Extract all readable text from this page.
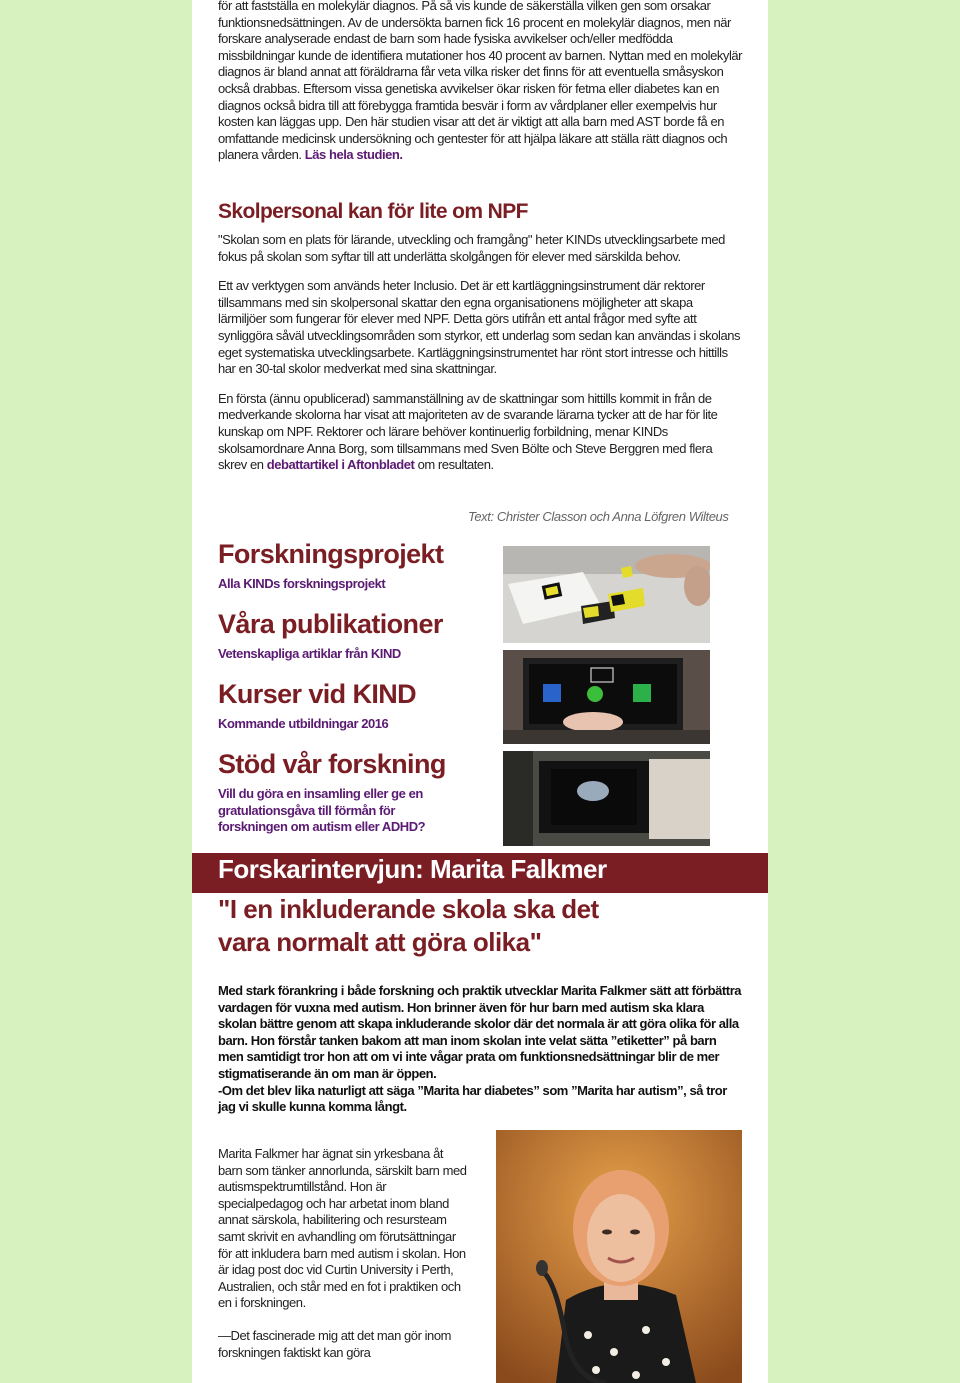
för att fastställa en molekylär diagnos. På så vis kunde de säkerställa vilken gen som orsakar funktionsnedsättningen. Av de undersökta barnen fick 16 procent en molekylär diagnos, men när forskare analyserade endast de barn som hade fysiska avvikelser och/eller medfödda missbildningar kunde de identifiera mutationer hos 40 procent av barnen. Nyttan med en molekylär diagnos är bland annat att föräldrarna får veta vilka risker det finns för att eventuella småsyskon också drabbas. Eftersom vissa genetiska avvikelser ökar risken för fetma eller diabetes kan en diagnos också bidra till att förebygga framtida besvär i form av vårdplaner eller exempelvis hur kosten kan läggas upp. Den här studien visar att det är viktigt att alla barn med AST borde få en omfattande medicinsk undersökning och gentester för att hjälpa läkare att ställa rätt diagnos och planera vården. Läs hela studien.

Skolpersonal kan för lite om NPF

"Skolan som en plats för lärande, utveckling och framgång" heter KINDs utvecklingsarbete med fokus på skolan som syftar till att underlätta skolgången för elever med särskilda behov.

Ett av verktygen som används heter Inclusio. Det är ett kartläggningsinstrument där rektorer tillsammans med sin skolpersonal skattar den egna organisationens möjligheter att skapa lärmiljöer som fungerar för elever med NPF. Detta görs utifrån ett antal frågor med syfte att synliggöra såväl utvecklingsområden som styrkor, ett underlag som sedan kan användas i skolans eget systematiska utvecklingsarbete. Kartläggningsinstrumentet har rönt stort intresse och hittills har en 30-tal skolor medverkat med sina skattningar.

En första (ännu opublicerad) sammanställning av de skattningar som hittills kommit in från de medverkande skolorna har visat att majoriteten av de svarande lärarna tycker att de har för lite kunskap om NPF. Rektorer och lärare behöver kontinuerlig forbildning, menar KINDs skolsamordnare Anna Borg, som tillsammans med Sven Bölte och Steve Berggren med flera skrev en debattartikel i Aftonbladet om resultaten.

Text: Christer Classon och Anna Löfgren Wilteus
Forskningsprojekt
Alla KINDs forskningsprojekt
Våra publikationer
Vetenskapliga artiklar från KIND
Kurser vid KIND
Kommande utbildningar 2016
Stöd vår forskning
Vill du göra en insamling eller ge en gratulationsgåva till förmån för forskningen om autism eller ADHD?
Forskarintervjun: Marita Falkmer
"I en inkluderande skola ska det vara normalt att göra olika"

Med stark förankring i både forskning och praktik utvecklar Marita Falkmer sätt att förbättra vardagen för vuxna med autism. Hon brinner även för hur barn med autism ska klara skolan bättre genom att skapa inkluderande skolor där det normala är att göra olika för alla barn. Hon förstår tanken bakom att man inom skolan inte velat sätta ”etiketter” på barn men samtidigt tror hon att om vi inte vågar prata om funktionsnedsättningar blir de mer stigmatiserande än om man är öppen.

-Om det blev lika naturligt att säga ”Marita har diabetes” som ”Marita har autism”, så tror jag vi skulle kunna komma långt.

Marita Falkmer har ägnat sin yrkesbana åt barn som tänker annorlunda, särskilt barn med autismspektrumtillstånd. Hon är specialpedagog och har arbetat inom bland annat särskola, habilitering och resursteam samt skrivit en avhandling om förutsättningar för att inkludera barn med autism i skolan. Hon är idag post doc vid Curtin University i Perth, Australien, och står med en fot i praktiken och en i forskningen.

—Det fascinerade mig att det man gör inom forskningen faktiskt kan göra
